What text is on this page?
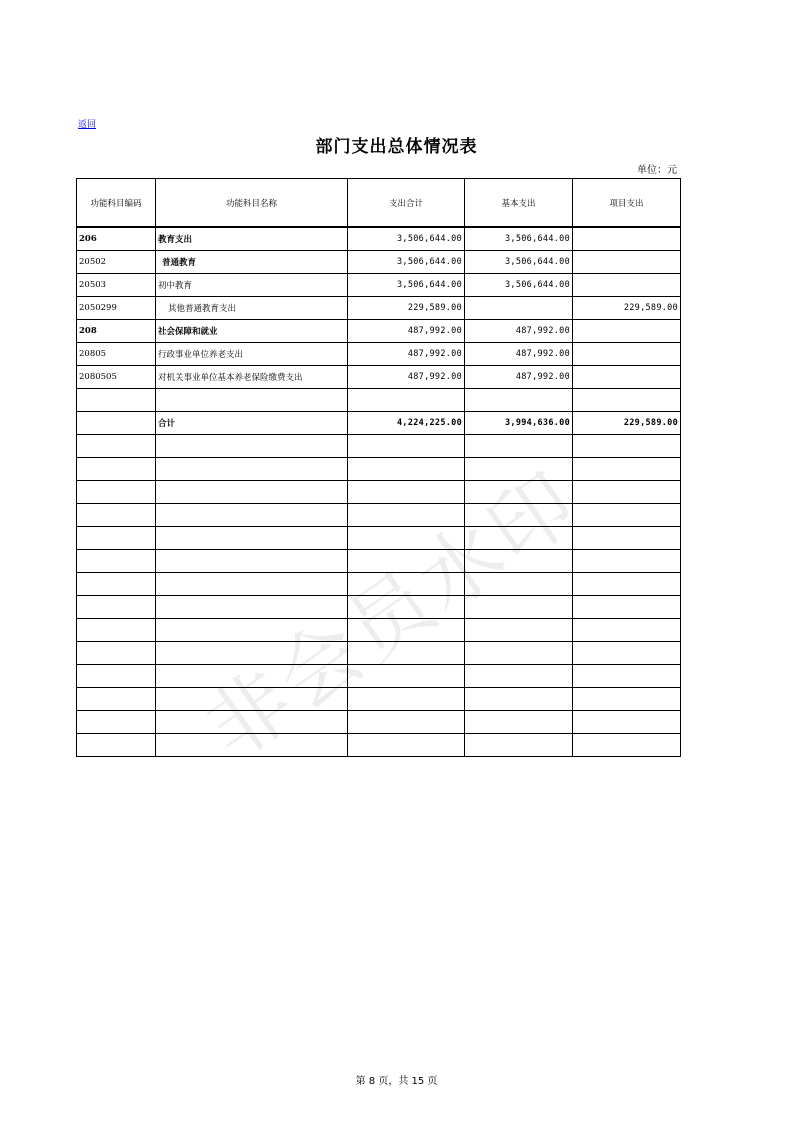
返回
部门支出总体情况表
单位：元
功能科目编码	功能科目名称	支出合计	基本支出	项目支出
206	教育支出	3,506,644.00	3,506,644.00	
20502	普通教育	3,506,644.00	3,506,644.00	
20503	初中教育	3,506,644.00	3,506,644.00	
2050299	其他普通教育支出	229,589.00		229,589.00
208	社会保障和就业	487,992.00	487,992.00	
20805	行政事业单位养老支出	487,992.00	487,992.00	
2080505	对机关事业单位基本养老保险缴费支出	487,992.00	487,992.00	

	合计	4,224,225.00	3,994,636.00	229,589.00

非会员水印
第 8 页，共 15 页
